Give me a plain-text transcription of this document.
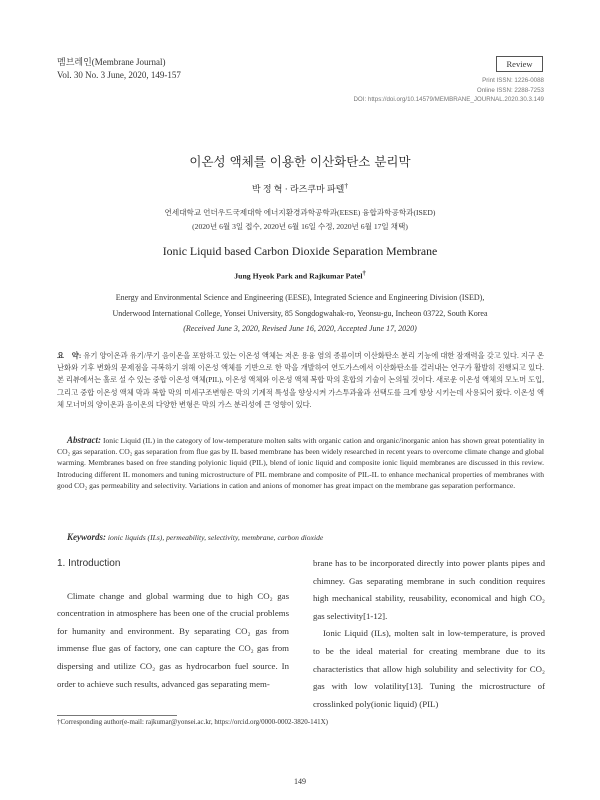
멤브레인(Membrane Journal)
Vol. 30 No. 3 June, 2020, 149-157
Review
Print ISSN: 1226-0088
Online ISSN: 2288-7253
DOI: https://doi.org/10.14579/MEMBRANE_JOURNAL.2020.30.3.149
이온성 액체를 이용한 이산화탄소 분리막
박 정 혁 · 라즈쿠마 파텔†
연세대학교 언더우드국제대학 에너지환경과학공학과(EESE) 융합과학공학과(ISED)
(2020년 6월 3일 접수, 2020년 6월 16일 수정, 2020년 6월 17일 채택)
Ionic Liquid based Carbon Dioxide Separation Membrane
Jung Hyeok Park and Rajkumar Patel†
Energy and Environmental Science and Engineering (EESE), Integrated Science and Engineering Division (ISED),
Underwood International College, Yonsei University, 85 Songdogwahak-ro, Yeonsu-gu, Incheon 03722, South Korea
(Received June 3, 2020, Revised June 16, 2020, Accepted June 17, 2020)
요　약: 유기 양이온과 유기/무기 음이온을 포함하고 있는 이온성 액체는 저온 용융 염의 종류이며 이산화탄소 분리 기능에 대한 잠재력을 갖고 있다. 지구 온난화와 기후 변화의 문제점을 극복하기 위해 이온성 액체를 기반으로 한 막을 개발하여 연도가스에서 이산화탄소를 걸러내는 연구가 활발히 진행되고 있다. 본 리뷰에서는 홀로 설 수 있는 중합 이온성 액체(PIL), 이온성 액체와 이온성 액체 복합 막의 혼합의 기술이 논의될 것이다. 새로운 이온성 액체의 모노머 도입, 그리고 중합 이온성 액체 막과 복합 막의 미세구조변형은 막의 기계적 특성을 향상시켜 가스투과율과 선택도를 크게 향상 시키는데 사용되어 왔다. 이온성 액체 모너머의 양이온과 음이온의 다양한 변형은 막의 가스 분리성에 큰 영향이 있다.
Abstract: Ionic Liquid (IL) in the category of low-temperature molten salts with organic cation and organic/inorganic anion has shown great potentiality in CO₂ gas separation. CO₂ gas separation from flue gas by IL based membrane has been widely researched in recent years to overcome climate change and global warming. Membranes based on free standing polyionic liquid (PIL), blend of ionic liquid and composite ionic liquid membranes are discussed in this review. Introducing different IL monomers and tuning microstructure of PIL membrane and composite of PIL-IL to enhance mechanical properties of membranes with good CO₂ gas permeability and selectivity. Variations in cation and anions of monomer has great impact on the membrane gas separation performance.
Keywords: ionic liquids (ILs), permeability, selectivity, membrane, carbon dioxide
1. Introduction
Climate change and global warming due to high CO₂ gas concentration in atmosphere has been one of the crucial problems for humanity and environment. By separating CO₂ gas from immense flue gas of factory, one can capture the CO₂ gas from dispersing and utilize CO₂ gas as hydrocarbon fuel source. In order to achieve such results, advanced gas separating mem-
brane has to be incorporated directly into power plants pipes and chimney. Gas separating membrane in such condition requires high mechanical stability, reusability, economical and high CO₂ gas selectivity[1-12].
Ionic Liquid (ILs), molten salt in low-temperature, is proved to be the ideal material for creating membrane due to its characteristics that allow high solubility and selectivity for CO₂ gas with low volatility[13]. Tuning the microstructure of crosslinked poly(ionic liquid) (PIL)
†Corresponding author(e-mail: rajkumar@yonsei.ac.kr, https://orcid.org/0000-0002-3820-141X)
149
